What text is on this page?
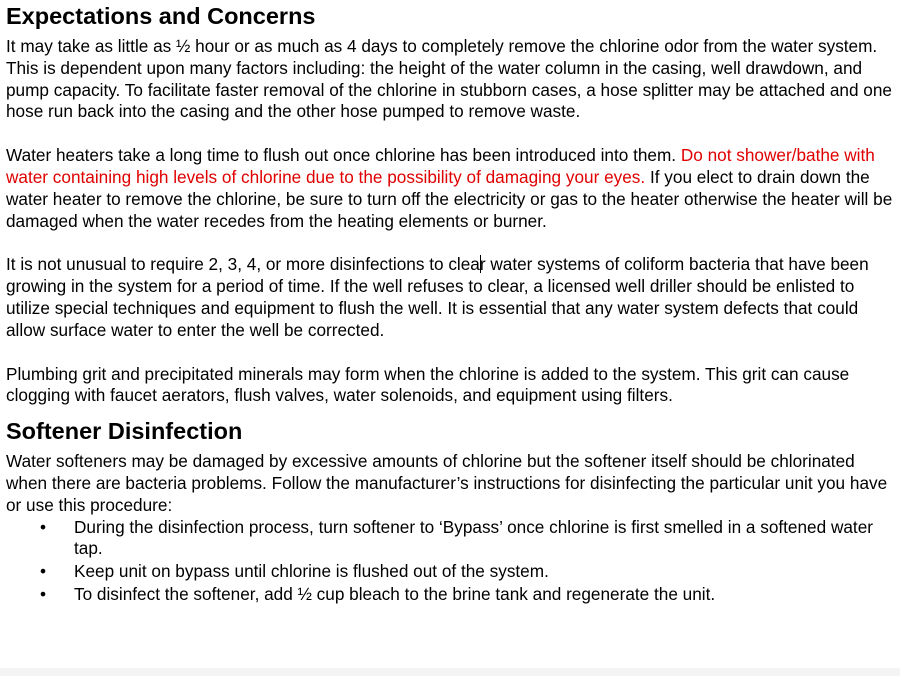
Expectations and Concerns

It may take as little as ½ hour or as much as 4 days to completely remove the chlorine odor from the water system. This is dependent upon many factors including: the height of the water column in the casing, well drawdown, and pump capacity. To facilitate faster removal of the chlorine in stubborn cases, a hose splitter may be attached and one hose run back into the casing and the other hose pumped to remove waste.

Water heaters take a long time to flush out once chlorine has been introduced into them. Do not shower/bathe with water containing high levels of chlorine due to the possibility of damaging your eyes. If you elect to drain down the water heater to remove the chlorine, be sure to turn off the electricity or gas to the heater otherwise the heater will be damaged when the water recedes from the heating elements or burner.

It is not unusual to require 2, 3, 4, or more disinfections to clear water systems of coliform bacteria that have been growing in the system for a period of time. If the well refuses to clear, a licensed well driller should be enlisted to utilize special techniques and equipment to flush the well. It is essential that any water system defects that could allow surface water to enter the well be corrected.

Plumbing grit and precipitated minerals may form when the chlorine is added to the system. This grit can cause clogging with faucet aerators, flush valves, water solenoids, and equipment using filters.

Softener Disinfection

Water softeners may be damaged by excessive amounts of chlorine but the softener itself should be chlorinated when there are bacteria problems. Follow the manufacturer’s instructions for disinfecting the particular unit you have or use this procedure:

• During the disinfection process, turn softener to ‘Bypass’ once chlorine is first smelled in a softened water tap.
• Keep unit on bypass until chlorine is flushed out of the system.
• To disinfect the softener, add ½ cup bleach to the brine tank and regenerate the unit.
